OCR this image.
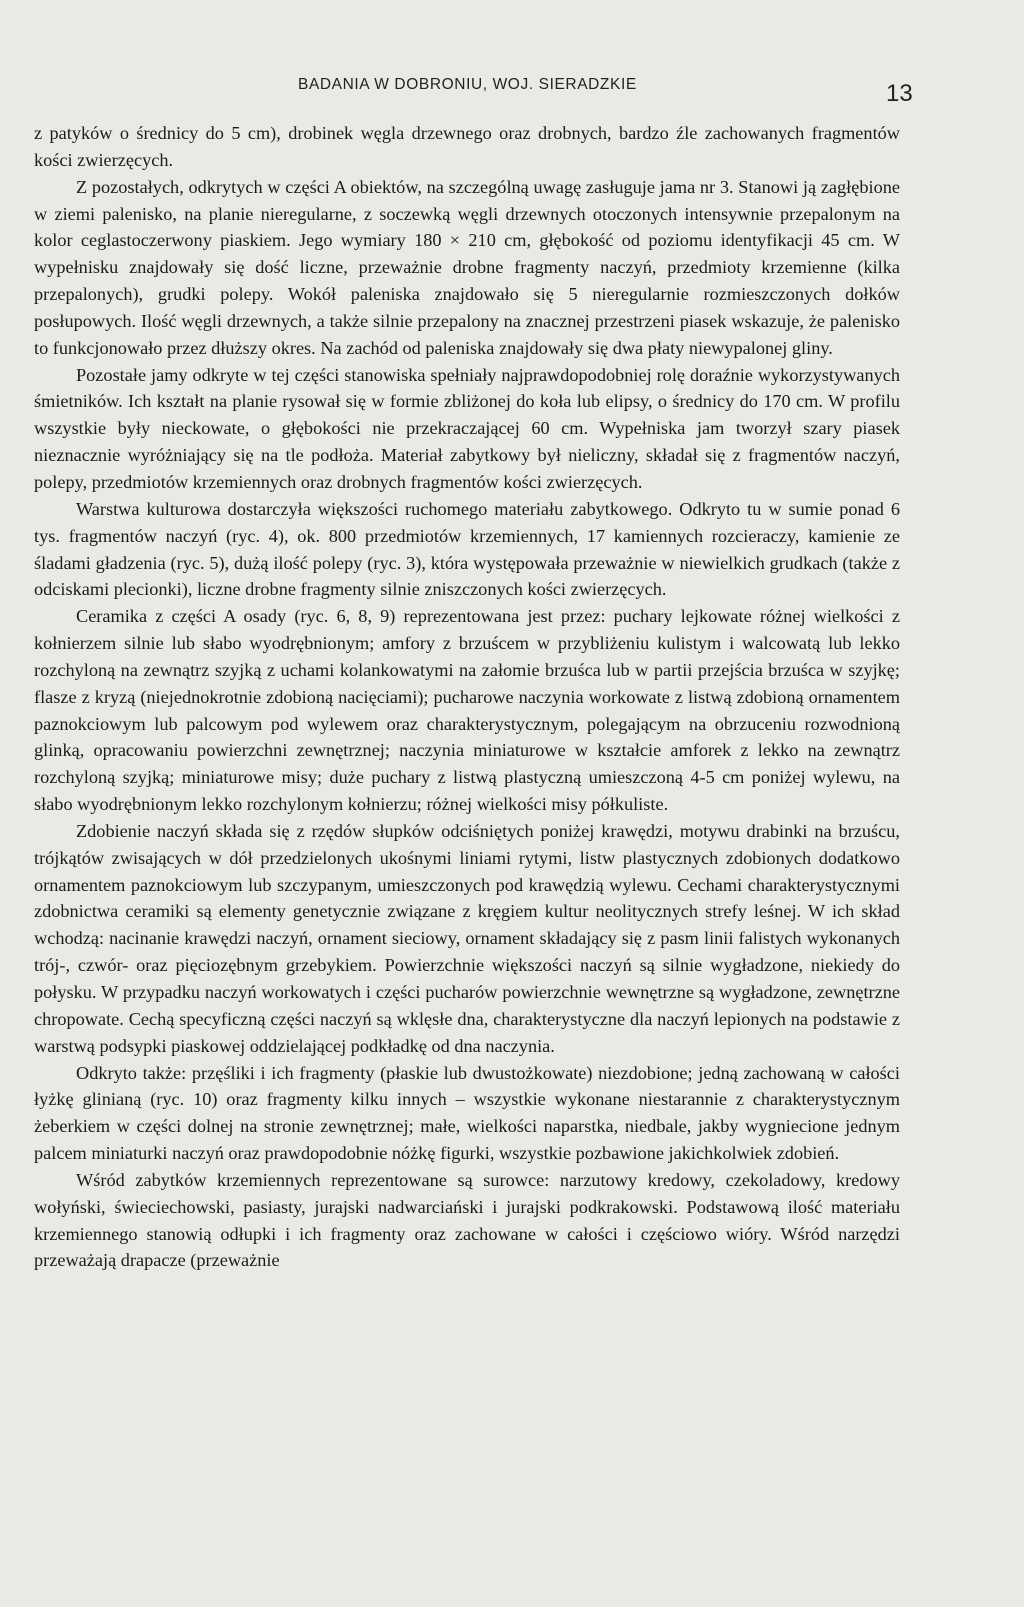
BADANIA W DOBRONIU, WOJ. SIERADZKIE	13

z patyków o średnicy do 5 cm), drobinek węgla drzewnego oraz drobnych, bardzo źle zachowanych fragmentów kości zwierzęcych.

Z pozostałych, odkrytych w części A obiektów, na szczególną uwagę zasługuje jama nr 3. Stanowi ją zagłębione w ziemi palenisko, na planie nieregularne, z soczewką węgli drzewnych otoczonych intensywnie przepalonym na kolor ceglastoczerwony piaskiem. Jego wymiary 180 × 210 cm, głębokość od poziomu identyfikacji 45 cm. W wypełnisku znajdowały się dość liczne, przeważnie drobne fragmenty naczyń, przedmioty krzemienne (kilka przepalonych), grudki polepy. Wokół paleniska znajdowało się 5 nieregularnie rozmieszczonych dołków posłupowych. Ilość węgli drzewnych, a także silnie przepalony na znacznej przestrzeni piasek wskazuje, że palenisko to funkcjonowało przez dłuższy okres. Na zachód od paleniska znajdowały się dwa płaty niewypalonej gliny.

Pozostałe jamy odkryte w tej części stanowiska spełniały najprawdopodobniej rolę doraźnie wykorzystywanych śmietników. Ich kształt na planie rysował się w formie zbliżonej do koła lub elipsy, o średnicy do 170 cm. W profilu wszystkie były nieckowate, o głębokości nie przekraczającej 60 cm. Wypełniska jam tworzył szary piasek nieznacznie wyróżniający się na tle podłoża. Materiał zabytkowy był nieliczny, składał się z fragmentów naczyń, polepy, przedmiotów krzemiennych oraz drobnych fragmentów kości zwierzęcych.

Warstwa kulturowa dostarczyła większości ruchomego materiału zabytkowego. Odkryto tu w sumie ponad 6 tys. fragmentów naczyń (ryc. 4), ok. 800 przedmiotów krzemiennych, 17 kamiennych rozcieraczy, kamienie ze śladami gładzenia (ryc. 5), dużą ilość polepy (ryc. 3), która występowała przeważnie w niewielkich grudkach (także z odciskami plecionki), liczne drobne fragmenty silnie zniszczonych kości zwierzęcych.

Ceramika z części A osady (ryc. 6, 8, 9) reprezentowana jest przez: puchary lejkowate różnej wielkości z kołnierzem silnie lub słabo wyodrębnionym; amfory z brzuścem w przybliżeniu kulistym i walcowatą lub lekko rozchyloną na zewnątrz szyjką z uchami kolankowatymi na załomie brzuśca lub w partii przejścia brzuśca w szyjkę; flasze z kryzą (niejednokrotnie zdobioną nacięciami); pucharowe naczynia workowate z listwą zdobioną ornamentem paznokciowym lub palcowym pod wylewem oraz charakterystycznym, polegającym na obrzuceniu rozwodnioną glinką, opracowaniu powierzchni zewnętrznej; naczynia miniaturowe w kształcie amforek z lekko na zewnątrz rozchyloną szyjką; miniaturowe misy; duże puchary z listwą plastyczną umieszczoną 4-5 cm poniżej wylewu, na słabo wyodrębnionym lekko rozchylonym kołnierzu; różnej wielkości misy półkuliste.

Zdobienie naczyń składa się z rzędów słupków odciśniętych poniżej krawędzi, motywu drabinki na brzuścu, trójkątów zwisających w dół przedzielonych ukośnymi liniami rytymi, listw plastycznych zdobionych dodatkowo ornamentem paznokciowym lub szczypanym, umieszczonych pod krawędzią wylewu. Cechami charakterystycznymi zdobnictwa ceramiki są elementy genetycznie związane z kręgiem kultur neolitycznych strefy leśnej. W ich skład wchodzą: nacinanie krawędzi naczyń, ornament sieciowy, ornament składający się z pasm linii falistych wykonanych trój-, czwór- oraz pięciozębnym grzebykiem. Powierzchnie większości naczyń są silnie wygładzone, niekiedy do połysku. W przypadku naczyń workowatych i części pucharów powierzchnie wewnętrzne są wygładzone, zewnętrzne chropowate. Cechą specyficzną części naczyń są wklęsłe dna, charakterystyczne dla naczyń lepionych na podstawie z warstwą podsypki piaskowej oddzielającej podkładkę od dna naczynia.

Odkryto także: przęśliki i ich fragmenty (płaskie lub dwustożkowate) niezdobione; jedną zachowaną w całości łyżkę glinianą (ryc. 10) oraz fragmenty kilku innych – wszystkie wykonane niestarannie z charakterystycznym żeberkiem w części dolnej na stronie zewnętrznej; małe, wielkości naparstka, niedbale, jakby wygniecione jednym palcem miniaturki naczyń oraz prawdopodobnie nóżkę figurki, wszystkie pozbawione jakichkolwiek zdobień.

Wśród zabytków krzemiennych reprezentowane są surowce: narzutowy kredowy, czekoladowy, kredowy wołyński, świeciechowski, pasiasty, jurajski nadwarciański i jurajski podkrakowski. Podstawową ilość materiału krzemiennego stanowią odłupki i ich fragmenty oraz zachowane w całości i częściowo wióry. Wśród narzędzi przeważają drapacze (przeważnie
